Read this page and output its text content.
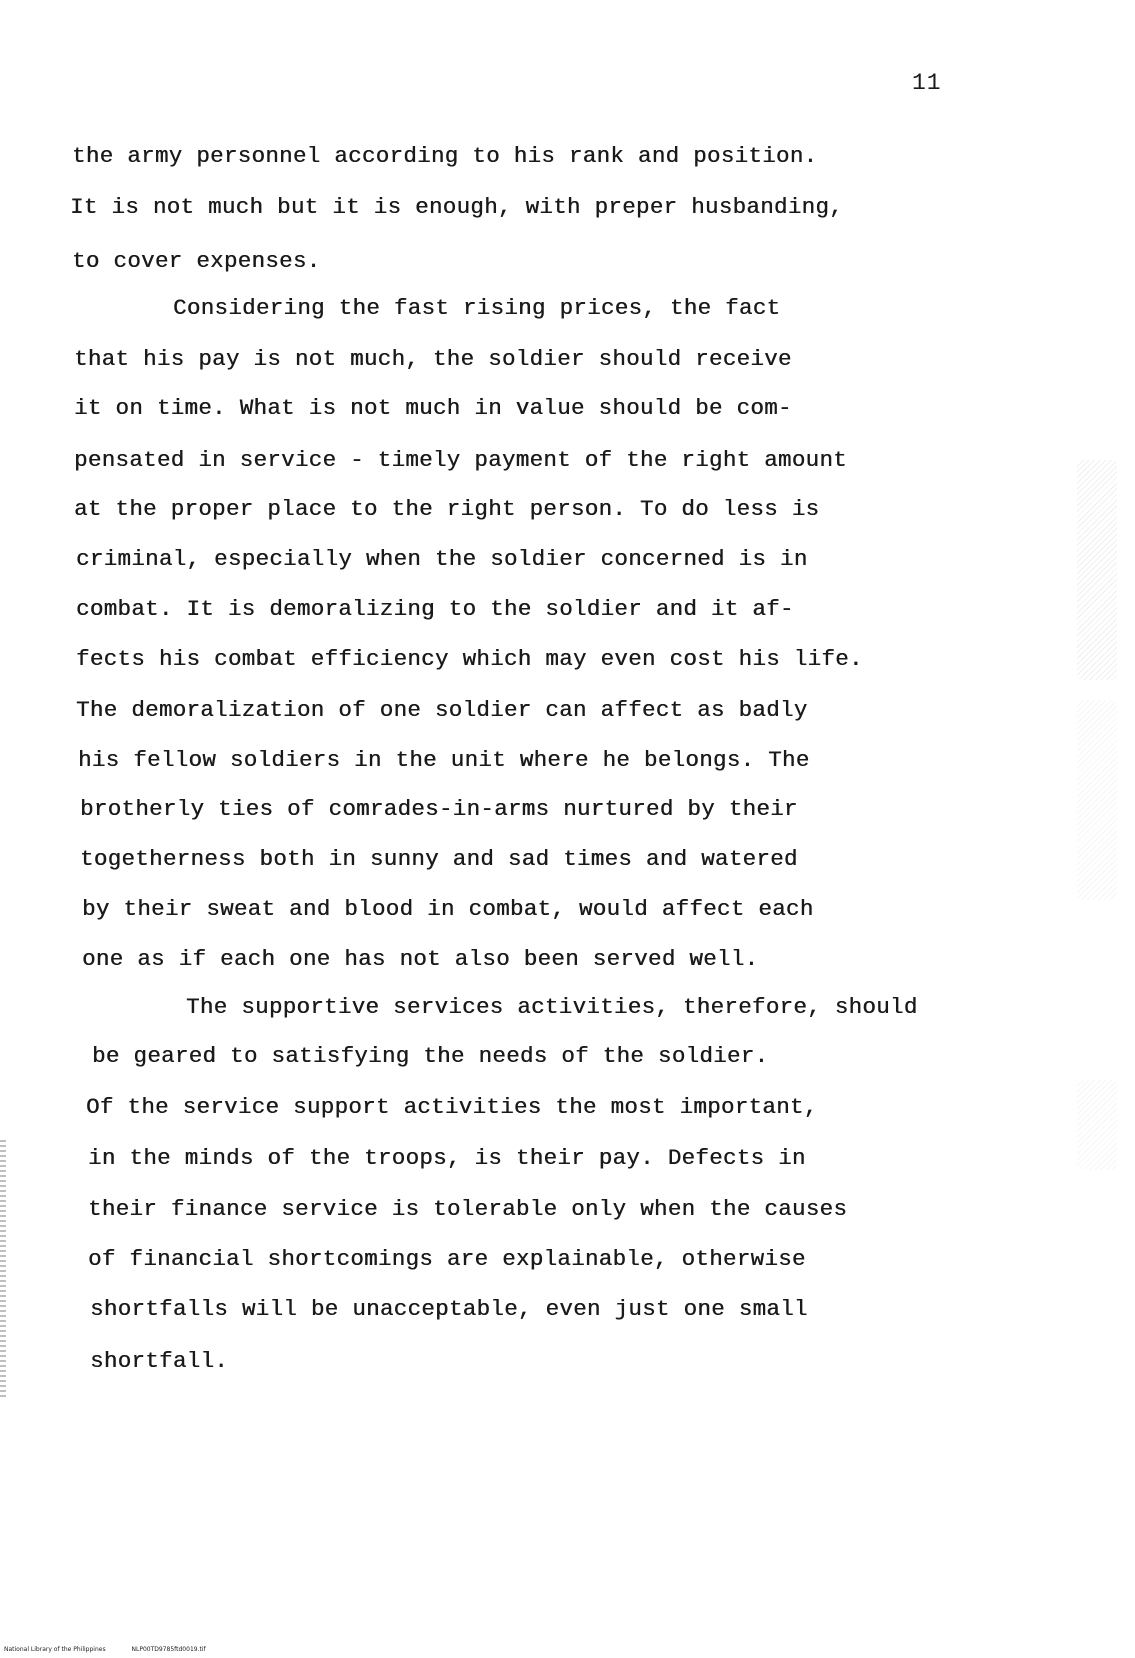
11
the army personnel according to his rank and position.
It is not much but it is enough, with preper husbanding,
to cover expenses.
Considering the fast rising prices, the fact
that his pay is not much, the soldier should receive
it on time. What is not much in value should be com-
pensated in service - timely payment of the right amount
at the proper place to the right person. To do less is
criminal, especially when the soldier concerned is in
combat. It is demoralizing to the soldier and it af-
fects his combat efficiency which may even cost his life.
The demoralization of one soldier can affect as badly
his fellow soldiers in the unit where he belongs. The
brotherly ties of comrades-in-arms nurtured by their
togetherness both in sunny and sad times and watered
by their sweat and blood in combat, would affect each
one as if each one has not also been served well.
The supportive services activities, therefore, should
be geared to satisfying the needs of the soldier.
Of the service support activities the most important,
in the minds of the troops, is their pay. Defects in
their finance service is tolerable only when the causes
of financial shortcomings are explainable, otherwise
shortfalls will be unacceptable, even just one small
shortfall.
National Library of the Philippines	NLP00TD9785ftd0019.tif
